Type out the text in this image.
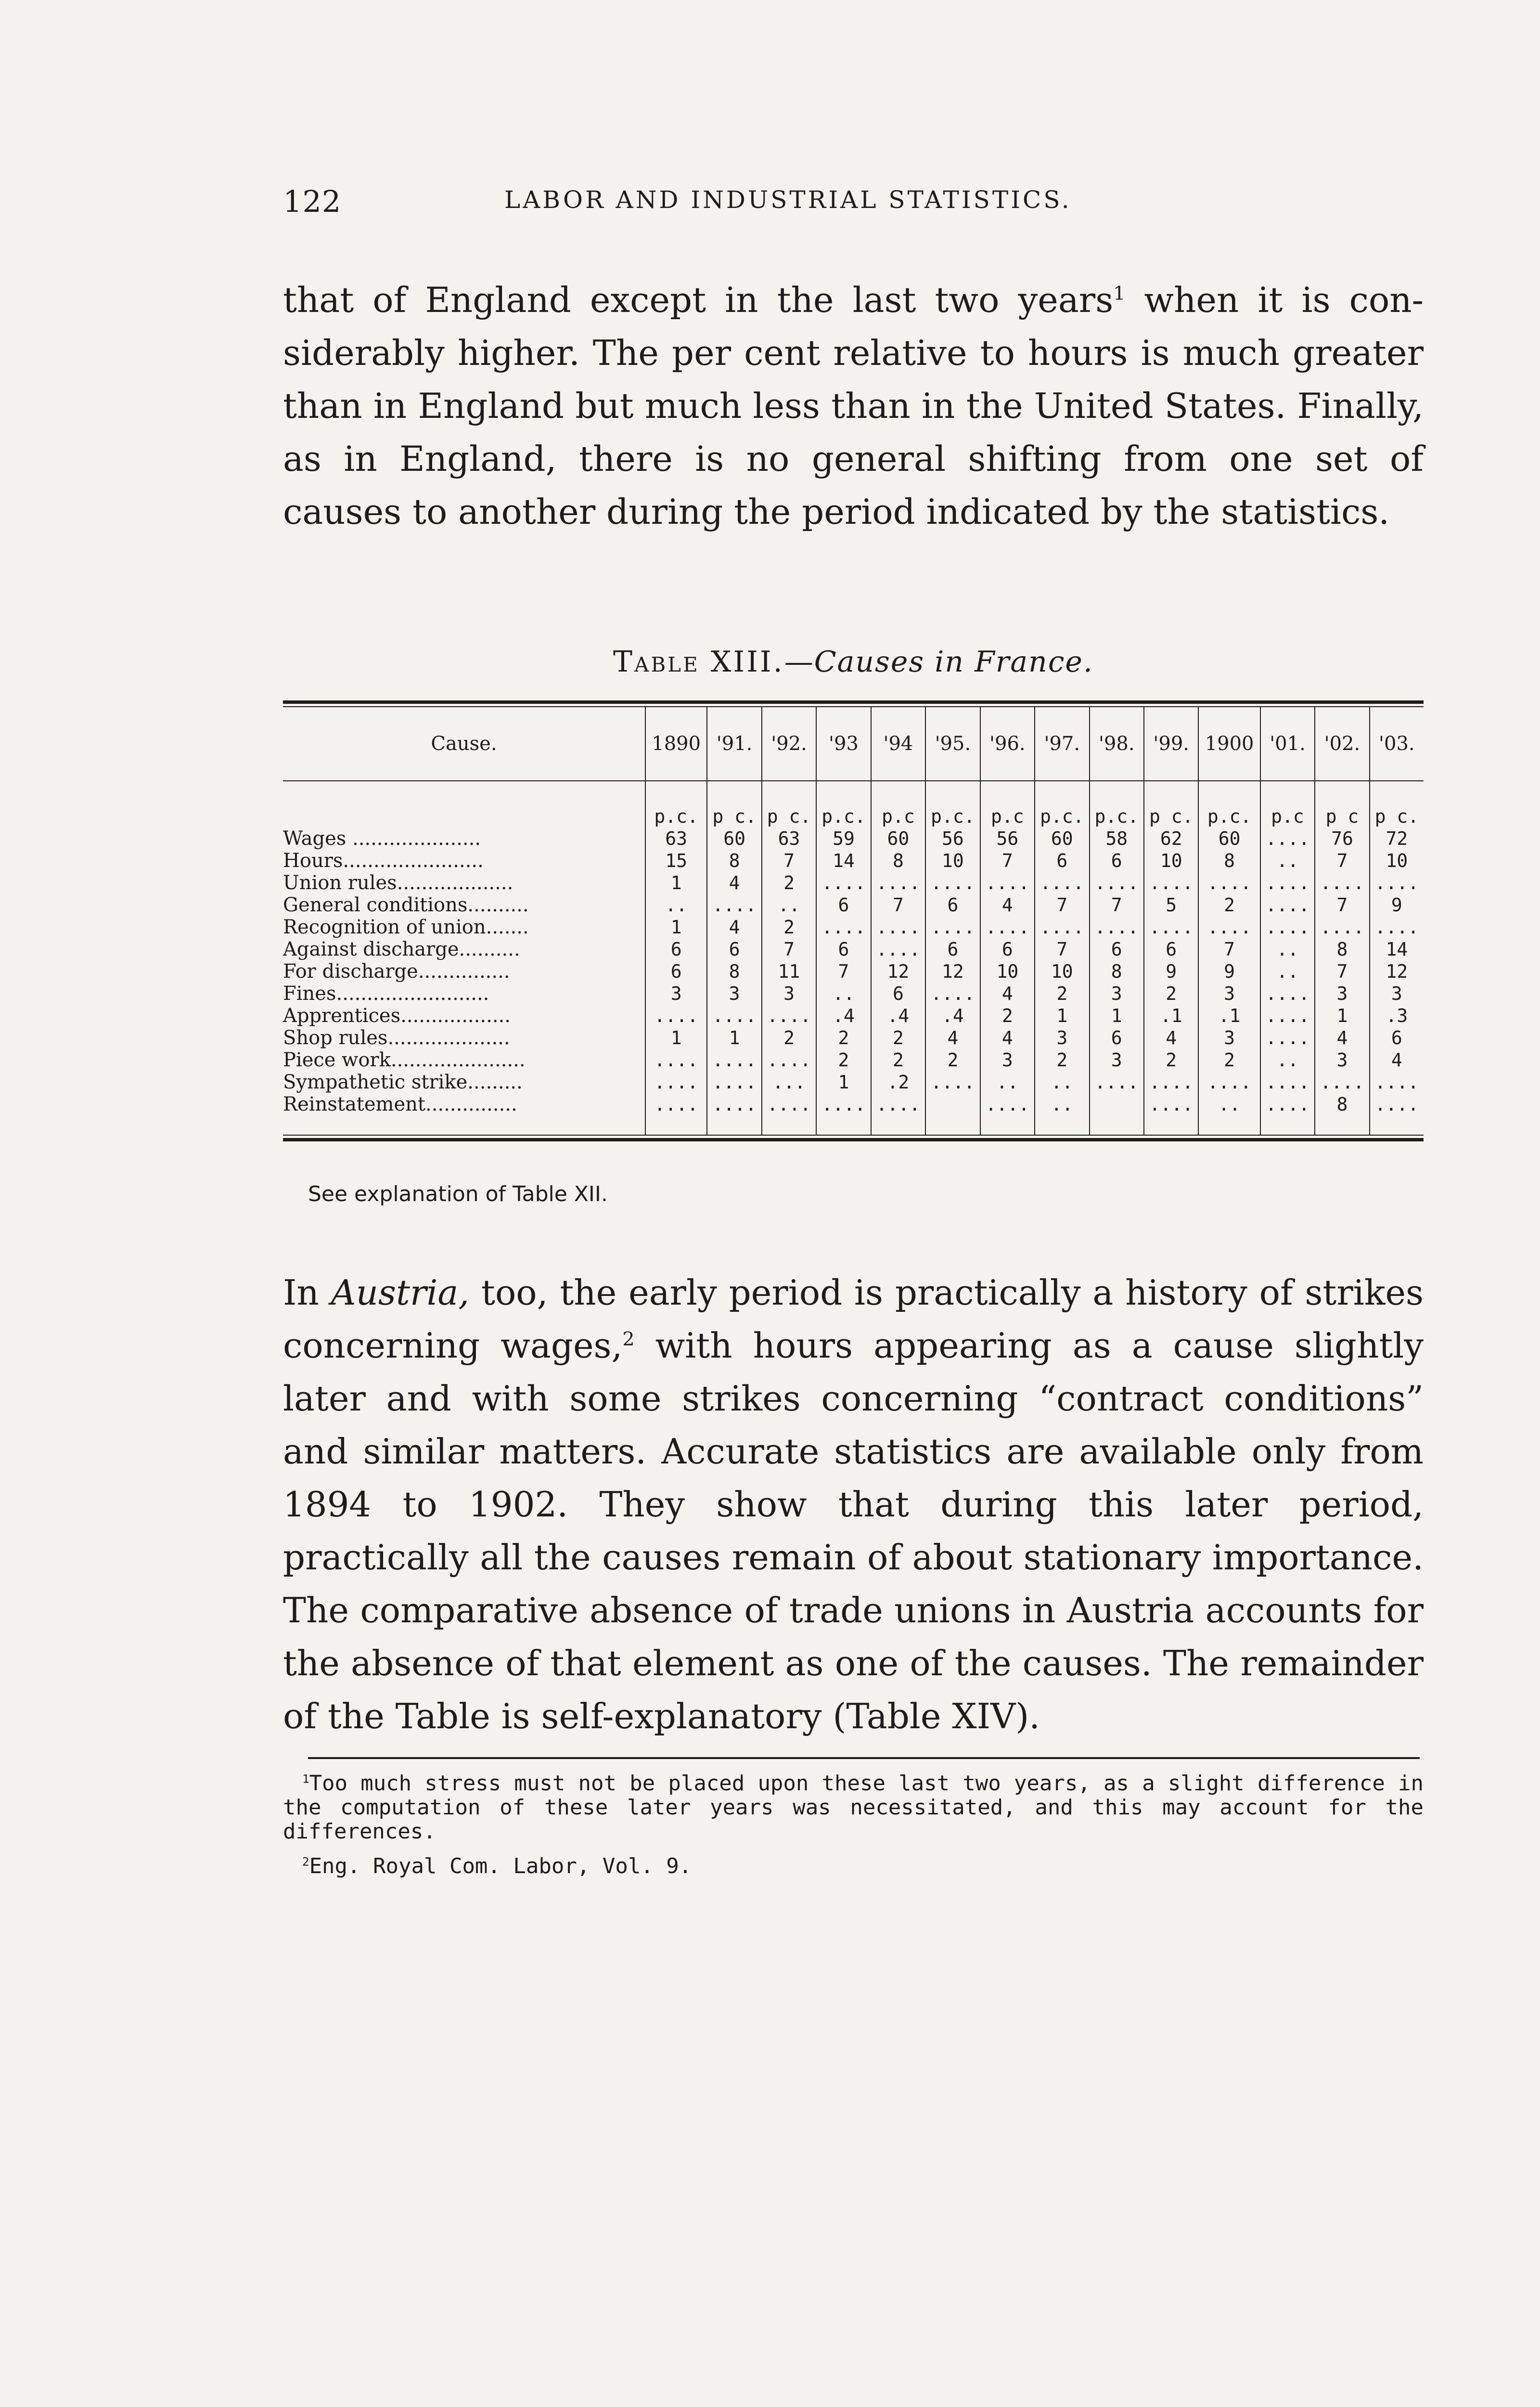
122	LABOR AND INDUSTRIAL STATISTICS.

that of England except in the last two years$^1$ when it is con- siderably higher. The per cent relative to hours is much greater than in England but much less than in the United States. Finally, as in England, there is no general shifting from one set of causes to another during the period indicated by the statistics.

Table XIII.—Causes in France.
Cause.	1890	'91.	'92.	'93	'94	'95.	'96.	'97.	'98.	'99.	1900	'01.	'02.	'03.
	p.c.	p c.	p c.	p.c.	p.c	p.c.	p.c	p.c.	p.c.	p c.	p.c.	p.c	p c	p c.
Wages .....................	63	60	63	59	60	56	56	60	58	62	60	....	76	72
Hours.......................	15	8	7	14	8	10	7	6	6	10	8	..	7	10
Union rules...................	1	4	2	....	....	....	....	....	....	....	....	....	....	....
General conditions..........	..	....	..	6	7	6	4	7	7	5	2	....	7	9
Recognition of union.......	1	4	2	....	....	....	....	....	....	....	....	....	....	....
Against discharge..........	6	6	7	6	....	6	6	7	6	6	7	..	8	14
For discharge...............	6	8	11	7	12	12	10	10	8	9	9	..	7	12
Fines.........................	3	3	3	..	6	....	4	2	3	2	3	....	3	3
Apprentices..................	....	....	....	.4	.4	.4	2	1	1	.1	.1	....	1	.3
Shop rules....................	1	1	2	2	2	4	4	3	6	4	3	....	4	6
Piece work......................	....	....	....	2	2	2	3	2	3	2	2	..	3	4
Sympathetic strike.........	....	....	...	1	.2	....	..	..	....	....	....	....	....	....
Reinstatement...............	....	....	....	....	....		....	..		....	..	....	8	....
See explanation of Table XII.

In Austria, too, the early period is practically a history of strikes concerning wages,$^2$ with hours appearing as a cause slightly later and with some strikes concerning “contract conditions” and similar matters. Accurate statistics are available only from 1894 to 1902. They show that during this later period, practically all the causes remain of about stationary importance. The comparative absence of trade unions in Austria accounts for the absence of that element as one of the causes. The remainder of the Table is self-explanatory (Table XIV).

$^1$Too much stress must not be placed upon these last two years, as a slight difference in the computation of these later years was necessitated, and this may account for the differences.

$^2$Eng. Royal Com. Labor, Vol. 9.
